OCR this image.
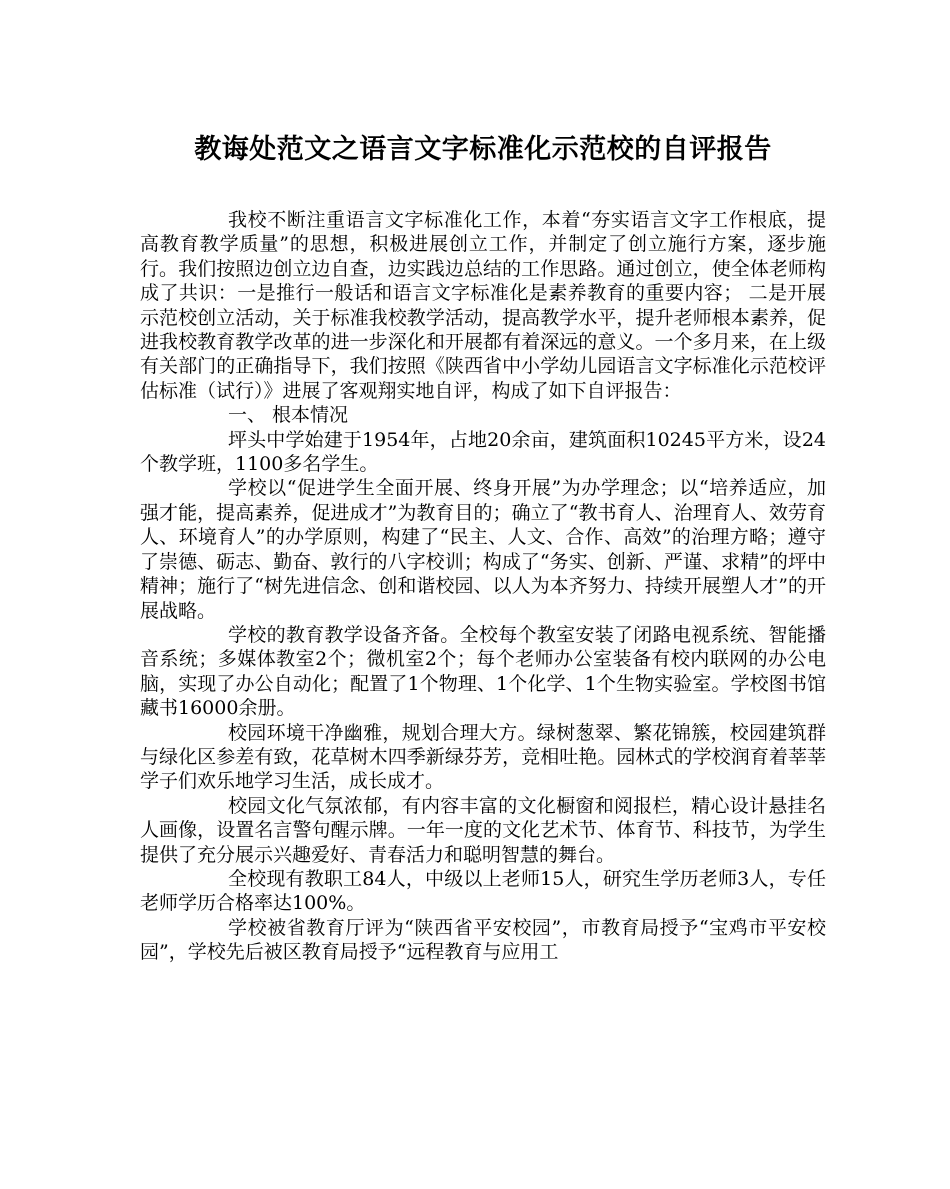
教诲处范文之语言文字标准化示范校的自评报告

我校不断注重语言文字标准化工作，本着“夯实语言文字工作根底，提高教育教学质量”的思想，积极进展创立工作，并制定了创立施行方案，逐步施行。我们按照边创立边自查，边实践边总结的工作思路。通过创立，使全体老师构成了共识：一是推行一般话和语言文字标准化是素养教育的重要内容； 二是开展示范校创立活动，关于标准我校教学活动，提高教学水平，提升老师根本素养，促进我校教育教学改革的进一步深化和开展都有着深远的意义。一个多月来，在上级有关部门的正确指导下，我们按照《陕西省中小学幼儿园语言文字标准化示范校评估标准（试行）》进展了客观翔实地自评，构成了如下自评报告：

一、 根本情况

坪头中学始建于1954年，占地20余亩，建筑面积10245平方米，设24个教学班，1100多名学生。

学校以“促进学生全面开展、终身开展”为办学理念；以“培养适应，加强才能，提高素养，促进成才”为教育目的；确立了“教书育人、治理育人、效劳育人、环境育人”的办学原则，构建了“民主、人文、合作、高效”的治理方略；遵守了崇德、砺志、勤奋、敦行的八字校训；构成了“务实、创新、严谨、求精”的坪中精神；施行了“树先进信念、创和谐校园、以人为本齐努力、持续开展塑人才”的开展战略。

学校的教育教学设备齐备。全校每个教室安装了闭路电视系统、智能播音系统；多媒体教室2个；微机室2个；每个老师办公室装备有校内联网的办公电脑，实现了办公自动化；配置了1个物理、1个化学、1个生物实验室。学校图书馆藏书16000余册。

校园环境干净幽雅，规划合理大方。绿树葱翠、繁花锦簇，校园建筑群与绿化区参差有致，花草树木四季新绿芬芳，竞相吐艳。园林式的学校润育着莘莘学子们欢乐地学习生活，成长成才。

校园文化气氛浓郁，有内容丰富的文化橱窗和阅报栏，精心设计悬挂名人画像，设置名言警句醒示牌。一年一度的文化艺术节、体育节、科技节，为学生提供了充分展示兴趣爱好、青春活力和聪明智慧的舞台。

全校现有教职工84人，中级以上老师15人，研究生学历老师3人，专任老师学历合格率达100%。

学校被省教育厅评为“陕西省平安校园”，市教育局授予“宝鸡市平安校园”，学校先后被区教育局授予“远程教育与应用工
